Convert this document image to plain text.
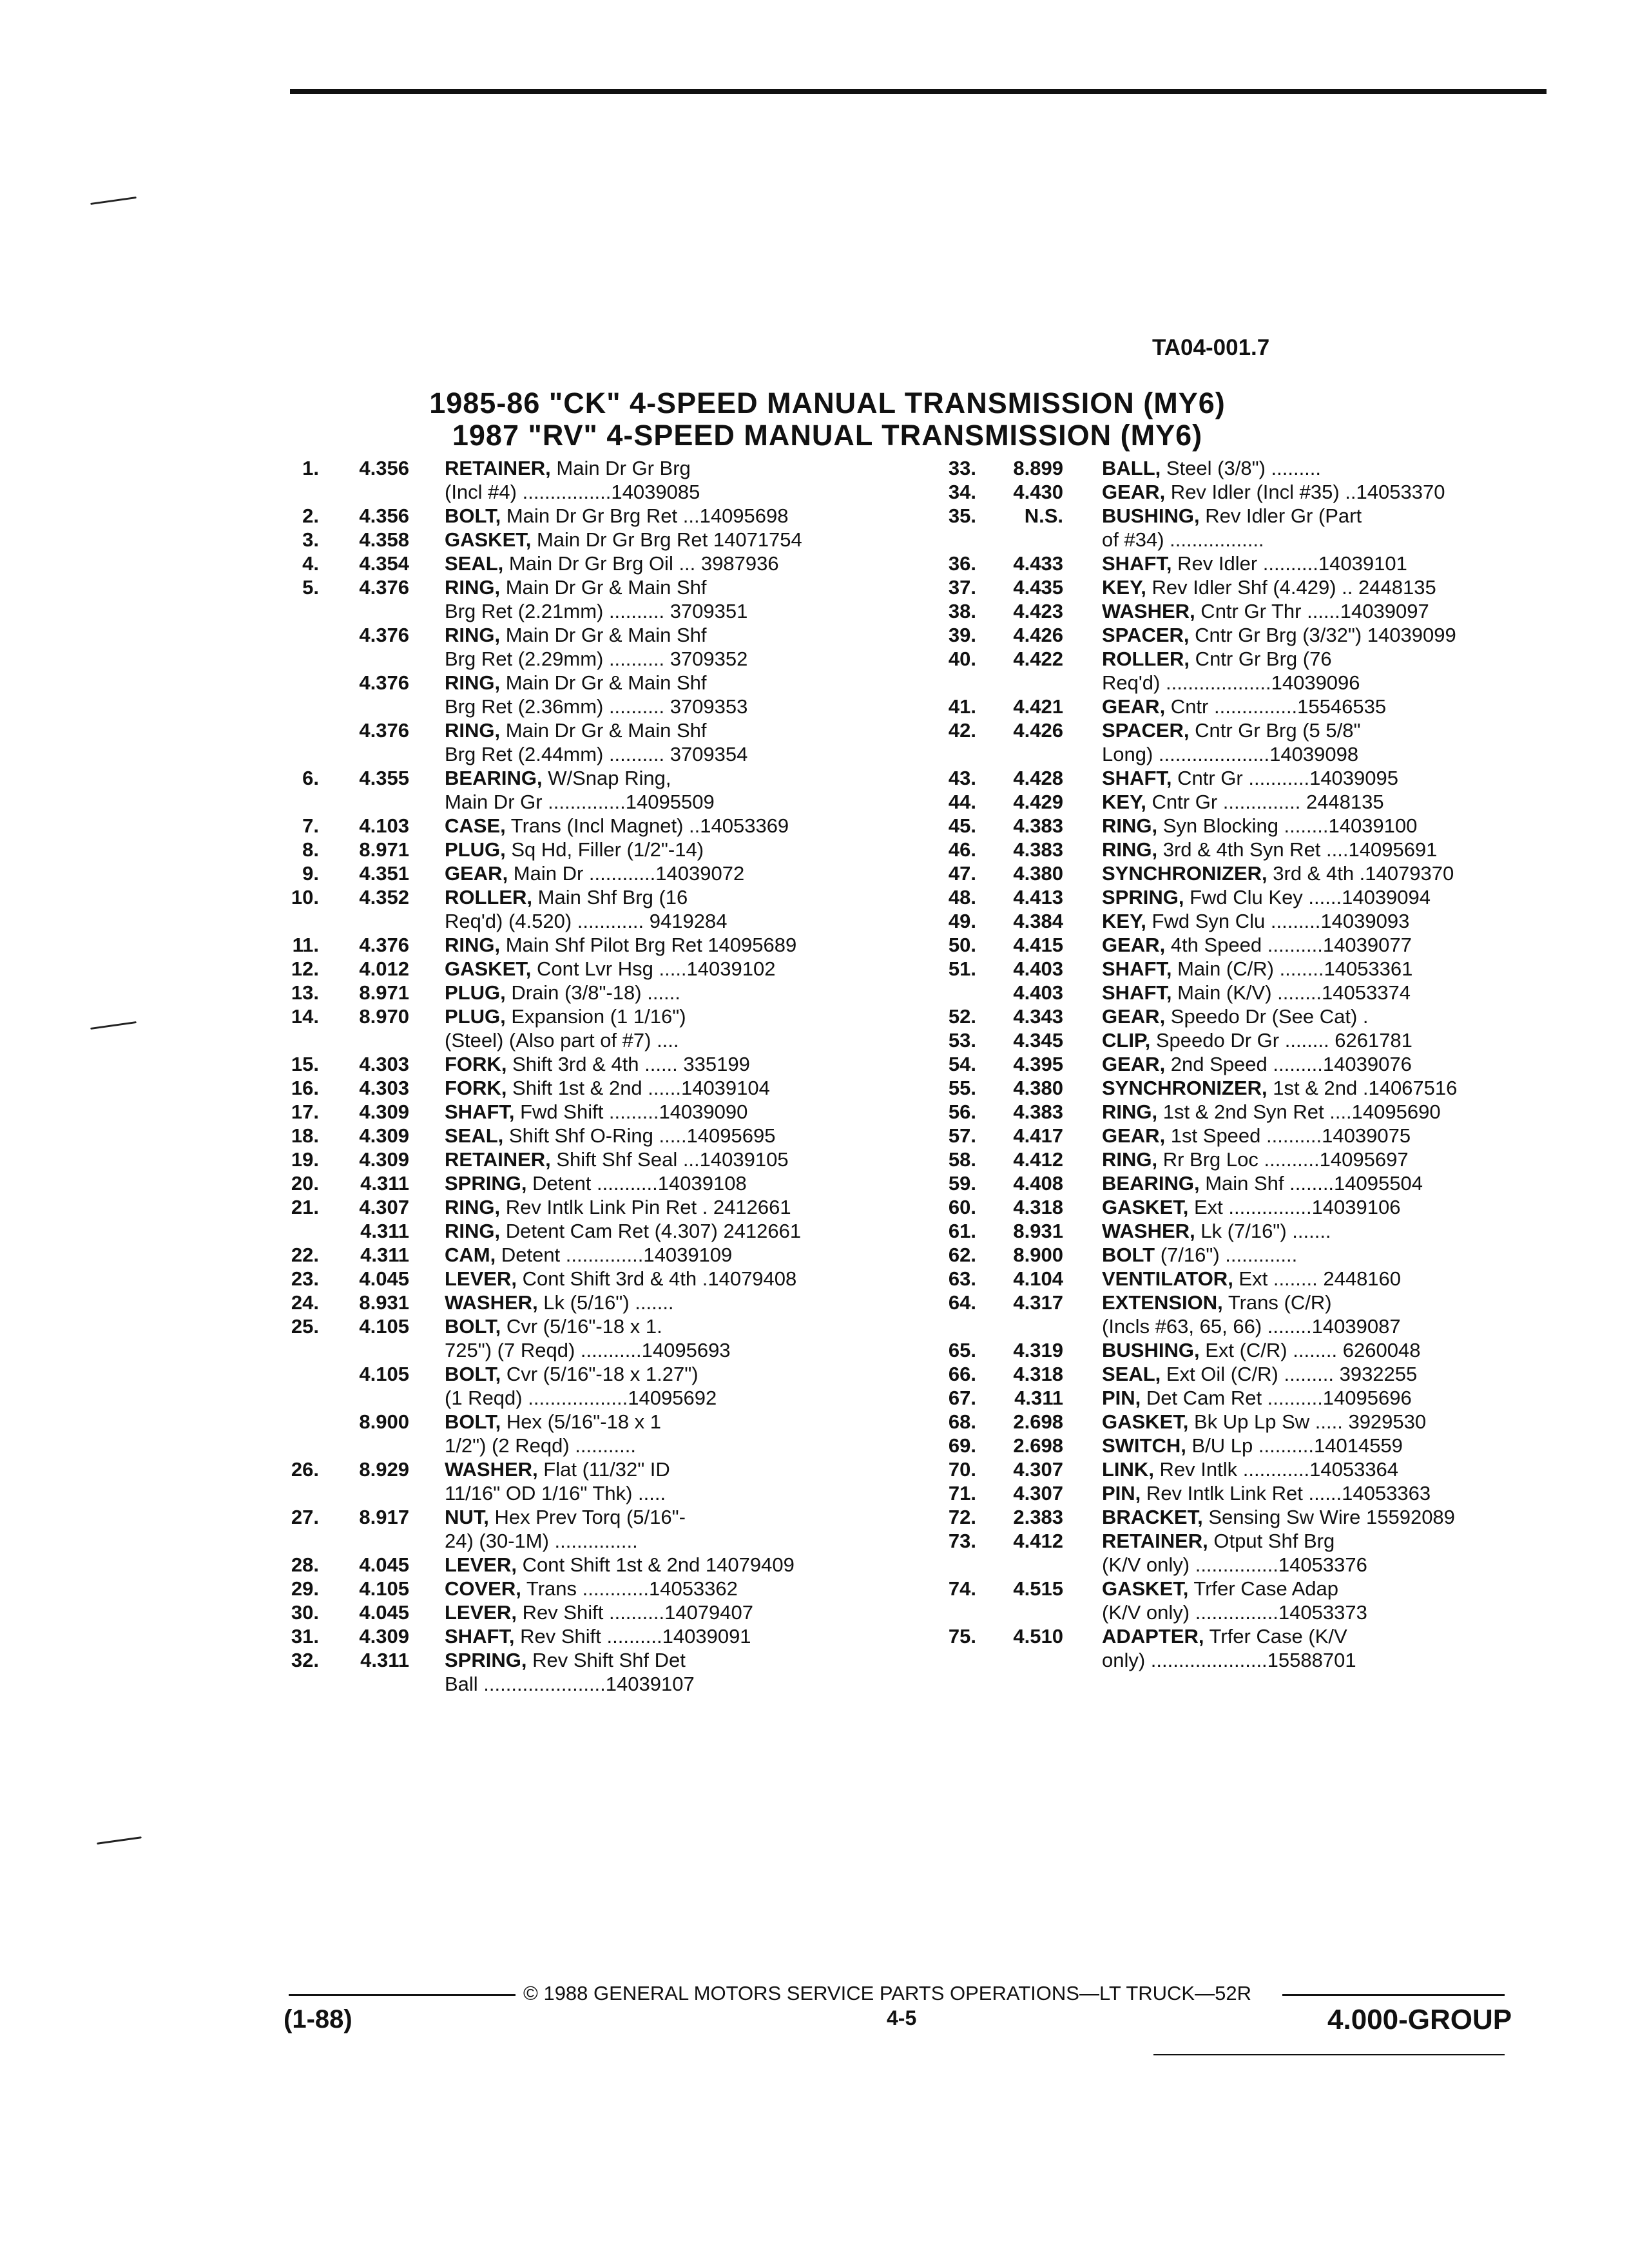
TA04-001.7
1985-86 "CK" 4-SPEED MANUAL TRANSMISSION (MY6)
1987 "RV" 4-SPEED MANUAL TRANSMISSION (MY6)
1.	4.356 RETAINER, Main Dr Gr Brg
(Incl #4) ................14039085
2.	4.356 BOLT, Main Dr Gr Brg Ret ...14095698
3.	4.358 GASKET, Main Dr Gr Brg Ret 14071754
4.	4.354 SEAL, Main Dr Gr Brg Oil ... 3987936
5.	4.376 RING, Main Dr Gr & Main Shf
Brg Ret (2.21mm) .......... 3709351
4.376 RING, Main Dr Gr & Main Shf
Brg Ret (2.29mm) .......... 3709352
4.376 RING, Main Dr Gr & Main Shf
Brg Ret (2.36mm) .......... 3709353
4.376 RING, Main Dr Gr & Main Shf
Brg Ret (2.44mm) .......... 3709354
6.	4.355 BEARING, W/Snap Ring,
Main Dr Gr ..............14095509
7.	4.103 CASE, Trans (Incl Magnet) ..14053369
8.	8.971 PLUG, Sq Hd, Filler (1/2"-14)
9.	4.351 GEAR, Main Dr ............14039072
10.	4.352 ROLLER, Main Shf Brg (16
Req'd) (4.520) ............ 9419284
11.	4.376 RING, Main Shf Pilot Brg Ret 14095689
12.	4.012 GASKET, Cont Lvr Hsg .....14039102
13.	8.971 PLUG, Drain (3/8"-18) ......
14.	8.970 PLUG, Expansion (1 1/16")
(Steel) (Also part of #7) ....
15.	4.303 FORK, Shift 3rd & 4th ...... 335199
16.	4.303 FORK, Shift 1st & 2nd ......14039104
17.	4.309 SHAFT, Fwd Shift .........14039090
18.	4.309 SEAL, Shift Shf O-Ring .....14095695
19.	4.309 RETAINER, Shift Shf Seal ...14039105
20.	4.311 SPRING, Detent ...........14039108
21.	4.307 RING, Rev Intlk Link Pin Ret . 2412661
4.311 RING, Detent Cam Ret (4.307) 2412661
22.	4.311 CAM, Detent ..............14039109
23.	4.045 LEVER, Cont Shift 3rd & 4th .14079408
24.	8.931 WASHER, Lk (5/16") .......
25.	4.105 BOLT, Cvr (5/16"-18 x 1.
725") (7 Reqd) ...........14095693
4.105 BOLT, Cvr (5/16"-18 x 1.27")
(1 Reqd) ..................14095692
8.900 BOLT, Hex (5/16"-18 x 1
1/2") (2 Reqd) ...........
26.	8.929 WASHER, Flat (11/32" ID
11/16" OD 1/16" Thk) .....
27.	8.917 NUT, Hex Prev Torq (5/16"-
24) (30-1M) ...............
28.	4.045 LEVER, Cont Shift 1st & 2nd 14079409
29.	4.105 COVER, Trans ............14053362
30.	4.045 LEVER, Rev Shift ..........14079407
31.	4.309 SHAFT, Rev Shift ..........14039091
32.	4.311 SPRING, Rev Shift Shf Det
Ball ......................14039107
33.	8.899 BALL, Steel (3/8") .........
34.	4.430 GEAR, Rev Idler (Incl #35) ..14053370
35.	N.S. BUSHING, Rev Idler Gr (Part
of #34) .................
36.	4.433 SHAFT, Rev Idler ..........14039101
37.	4.435 KEY, Rev Idler Shf (4.429) .. 2448135
38.	4.423 WASHER, Cntr Gr Thr ......14039097
39.	4.426 SPACER, Cntr Gr Brg (3/32") 14039099
40.	4.422 ROLLER, Cntr Gr Brg (76
Req'd) ...................14039096
41.	4.421 GEAR, Cntr ...............15546535
42.	4.426 SPACER, Cntr Gr Brg (5 5/8"
Long) ....................14039098
43.	4.428 SHAFT, Cntr Gr ...........14039095
44.	4.429 KEY, Cntr Gr .............. 2448135
45.	4.383 RING, Syn Blocking ........14039100
46.	4.383 RING, 3rd & 4th Syn Ret ....14095691
47.	4.380 SYNCHRONIZER, 3rd & 4th .14079370
48.	4.413 SPRING, Fwd Clu Key ......14039094
49.	4.384 KEY, Fwd Syn Clu .........14039093
50.	4.415 GEAR, 4th Speed ..........14039077
51.	4.403 SHAFT, Main (C/R) ........14053361
4.403 SHAFT, Main (K/V) ........14053374
52.	4.343 GEAR, Speedo Dr (See Cat) .
53.	4.345 CLIP, Speedo Dr Gr ........ 6261781
54.	4.395 GEAR, 2nd Speed .........14039076
55.	4.380 SYNCHRONIZER, 1st & 2nd .14067516
56.	4.383 RING, 1st & 2nd Syn Ret ....14095690
57.	4.417 GEAR, 1st Speed ..........14039075
58.	4.412 RING, Rr Brg Loc ..........14095697
59.	4.408 BEARING, Main Shf ........14095504
60.	4.318 GASKET, Ext ...............14039106
61.	8.931 WASHER, Lk (7/16") .......
62.	8.900 BOLT (7/16") .............
63.	4.104 VENTILATOR, Ext ........ 2448160
64.	4.317 EXTENSION, Trans (C/R)
(Incls #63, 65, 66) ........14039087
65.	4.319 BUSHING, Ext (C/R) ........ 6260048
66.	4.318 SEAL, Ext Oil (C/R) ......... 3932255
67.	4.311 PIN, Det Cam Ret ..........14095696
68.	2.698 GASKET, Bk Up Lp Sw ..... 3929530
69.	2.698 SWITCH, B/U Lp ..........14014559
70.	4.307 LINK, Rev Intlk ............14053364
71.	4.307 PIN, Rev Intlk Link Ret ......14053363
72.	2.383 BRACKET, Sensing Sw Wire 15592089
73.	4.412 RETAINER, Otput Shf Brg
(K/V only) ...............14053376
74.	4.515 GASKET, Trfer Case Adap
(K/V only) ...............14053373
75.	4.510 ADAPTER, Trfer Case (K/V
only) .....................15588701
© 1988 GENERAL MOTORS SERVICE PARTS OPERATIONS—LT TRUCK—52R
(1-88)	4-5	4.000-GROUP
